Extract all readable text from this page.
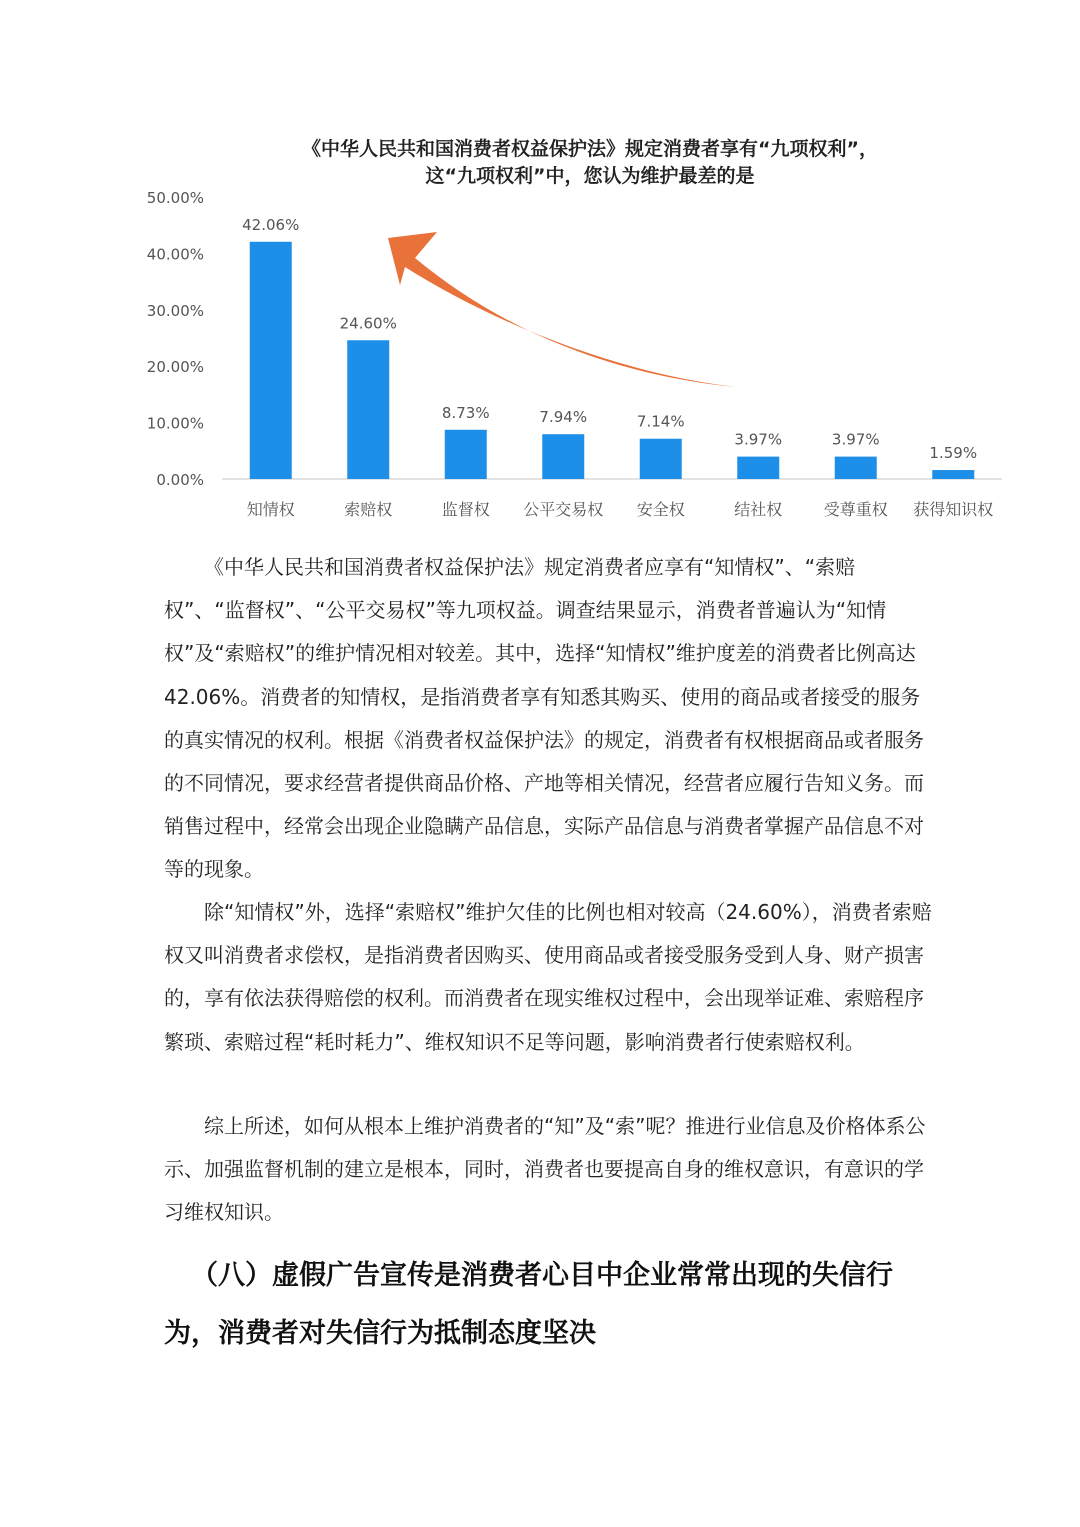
《中华人民共和国消费者权益保护法》规定消费者享有“九项权利”，
这“九项权利”中，您认为维护最差的是
0.00%
10.00%
20.00%
30.00%
40.00%
50.00%
42.06%
24.60%
8.73%	7.94%	7.14%
3.97%	3.97%
1.59%
知情权	索赔权	监督权 公平交易权 安全权	结社权	受尊重权 获得知识权

《中华人民共和国消费者权益保护法》规定消费者应享有“知情权”、“索赔权”、“监督权”、“公平交易权”等九项权益。调查结果显示，消费者普遍认为“知情权”及“索赔权”的维护情况相对较差。其中，选择“知情权”维护度差的消费者比例高达 42.06%。消费者的知情权，是指消费者享有知悉其购买、使用的商品或者接受的服务的真实情况的权利。根据《消费者权益保护法》的规定，消费者有权根据商品或者服务的不同情况，要求经营者提供商品价格、产地等相关情况，经营者应履行告知义务。而销售过程中，经常会出现企业隐瞒产品信息，实际产品信息与消费者掌握产品信息不对等的现象。

除“知情权”外，选择“索赔权”维护欠佳的比例也相对较高（24.60%），消费者索赔权又叫消费者求偿权，是指消费者因购买、使用商品或者接受服务受到人身、财产损害的，享有依法获得赔偿的权利。而消费者在现实维权过程中，会出现举证难、索赔程序繁琐、索赔过程“耗时耗力”、维权知识不足等问题，影响消费者行使索赔权利。

综上所述，如何从根本上维护消费者的“知”及“索”呢？推进行业信息及价格体系公示、加强监督机制的建立是根本，同时，消费者也要提高自身的维权意识，有意识的学习维权知识。

（八）虚假广告宣传是消费者心目中企业常常出现的失信行为，消费者对失信行为抵制态度坚决
